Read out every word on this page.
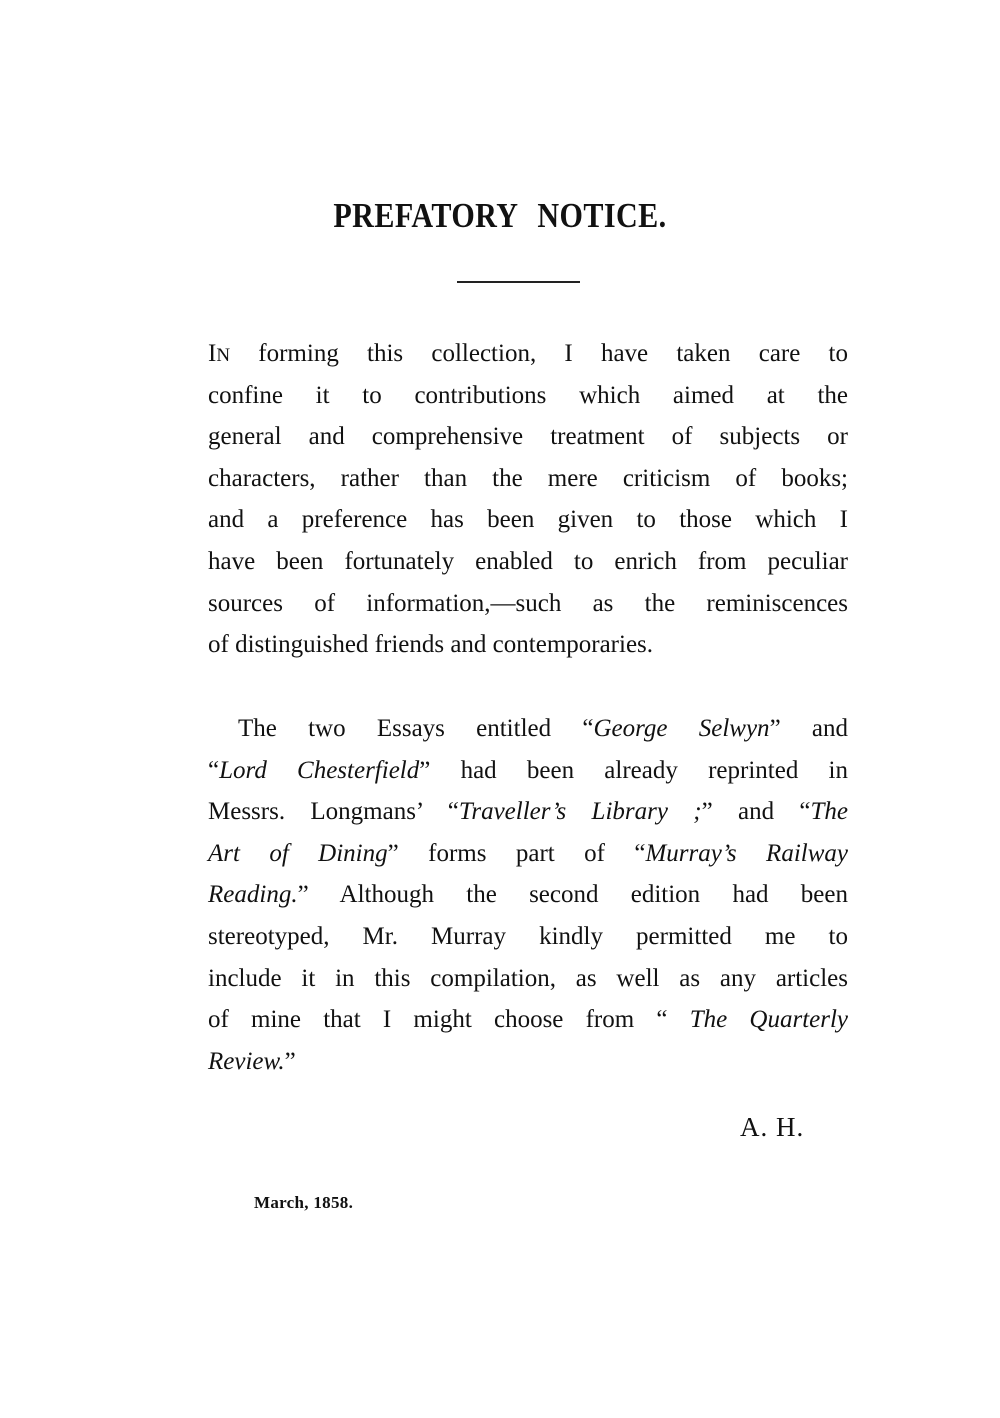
PREFATORY NOTICE.
IN forming this collection, I have taken care to
confine it to contributions which aimed at the
general and comprehensive treatment of subjects or
characters, rather than the mere criticism of books;
and a preference has been given to those which I
have been fortunately enabled to enrich from peculiar
sources of information,—such as the reminiscences
of distinguished friends and contemporaries.
The two Essays entitled “George Selwyn” and
“Lord Chesterfield” had been already reprinted in
Messrs. Longmans’ “Traveller’s Library ;” and “The
Art of Dining” forms part of “Murray’s Railway
Reading.” Although the second edition had been
stereotyped, Mr. Murray kindly permitted me to
include it in this compilation, as well as any articles
of mine that I might choose from “ The Quarterly
Review.”

A. H.

March, 1858.
